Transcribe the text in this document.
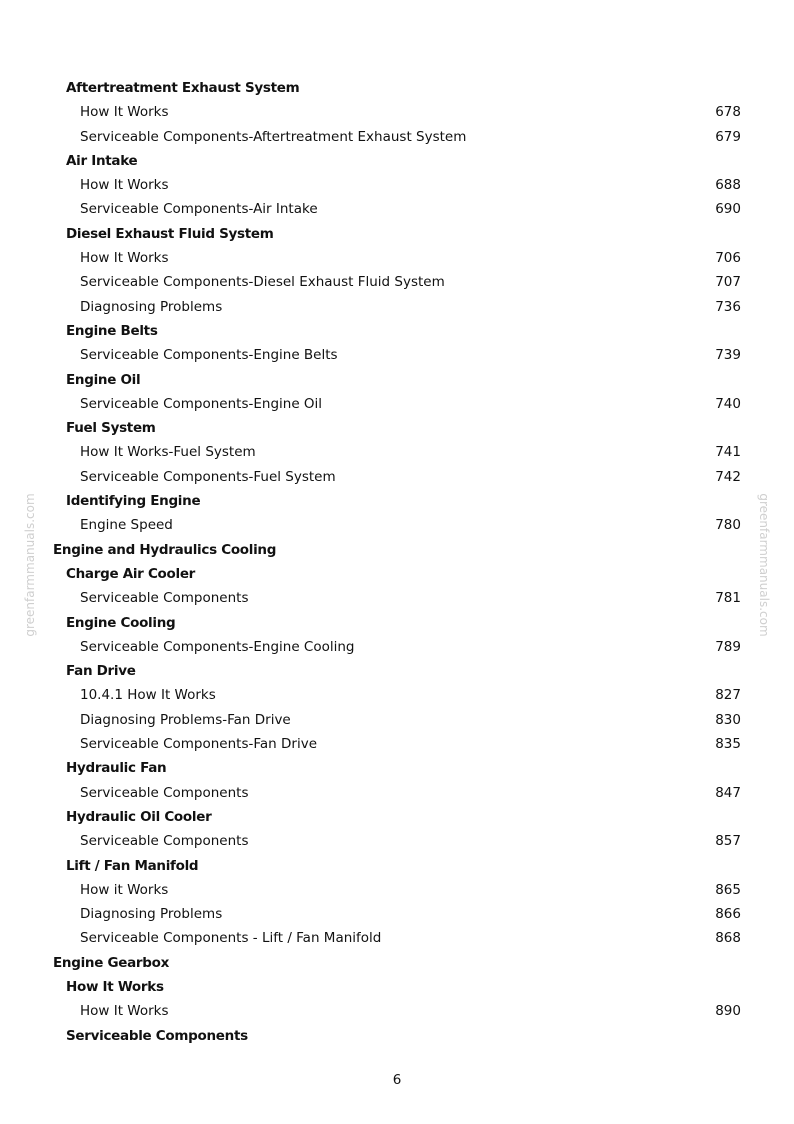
greenfarmmanuals.com	greenfarmmanuals.com
Aftertreatment Exhaust System
How It Works	678
Serviceable Components-Aftertreatment Exhaust System	679
Air Intake
How It Works	688
Serviceable Components-Air Intake	690
Diesel Exhaust Fluid System
How It Works	706
Serviceable Components-Diesel Exhaust Fluid System	707
Diagnosing Problems	736
Engine Belts
Serviceable Components-Engine Belts	739
Engine Oil
Serviceable Components-Engine Oil	740
Fuel System
How It Works-Fuel System	741
Serviceable Components-Fuel System	742
Identifying Engine
Engine Speed	780
Engine and Hydraulics Cooling
Charge Air Cooler
Serviceable Components	781
Engine Cooling
Serviceable Components-Engine Cooling	789
Fan Drive
10.4.1 How It Works	827
Diagnosing Problems-Fan Drive	830
Serviceable Components-Fan Drive	835
Hydraulic Fan
Serviceable Components	847
Hydraulic Oil Cooler
Serviceable Components	857
Lift / Fan Manifold
How it Works	865
Diagnosing Problems	866
Serviceable Components - Lift / Fan Manifold	868
Engine Gearbox
How It Works
How It Works	890
Serviceable Components
6
